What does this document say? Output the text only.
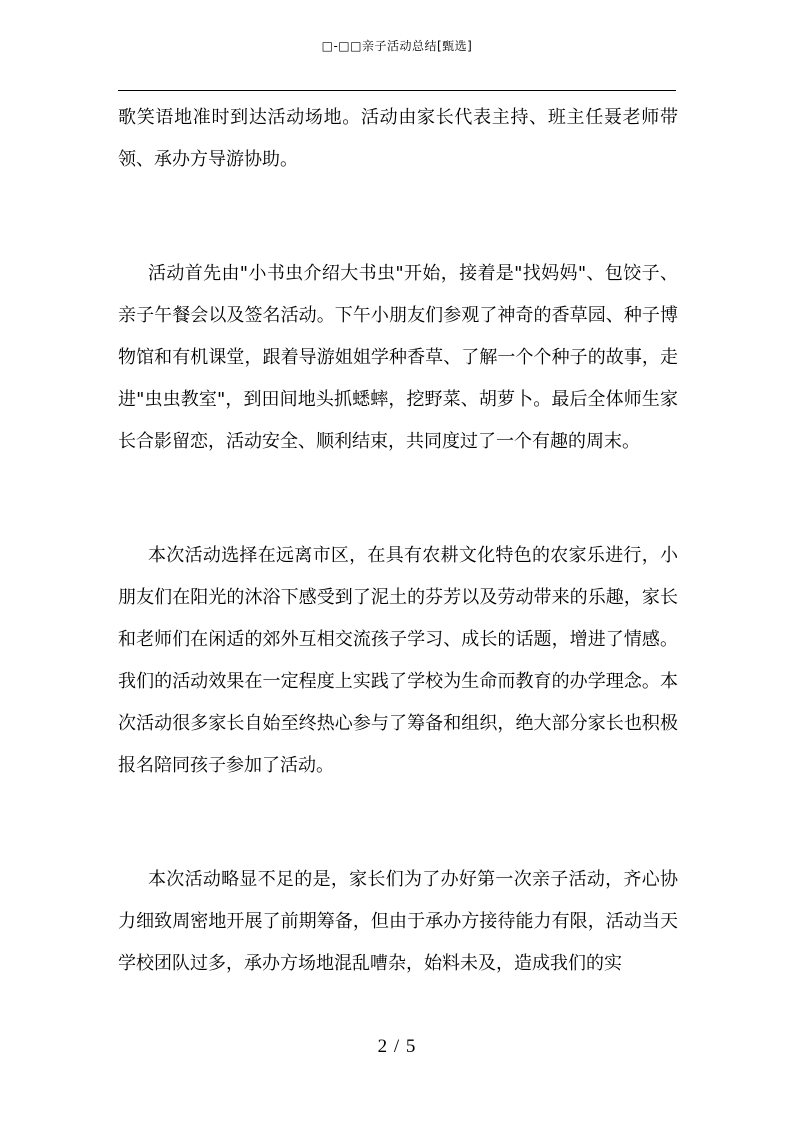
□-□□亲子活动总结[甄选]

歌笑语地准时到达活动场地。活动由家长代表主持、班主任聂老师带领、承办方导游协助。

活动首先由"小书虫介绍大书虫"开始，接着是"找妈妈"、包饺子、亲子午餐会以及签名活动。下午小朋友们参观了神奇的香草园、种子博物馆和有机课堂，跟着导游姐姐学种香草、了解一个个种子的故事，走进"虫虫教室"，到田间地头抓蟋蟀，挖野菜、胡萝卜。最后全体师生家长合影留恋，活动安全、顺利结束，共同度过了一个有趣的周末。

本次活动选择在远离市区，在具有农耕文化特色的农家乐进行，小朋友们在阳光的沐浴下感受到了泥土的芬芳以及劳动带来的乐趣，家长和老师们在闲适的郊外互相交流孩子学习、成长的话题，增进了情感。我们的活动效果在一定程度上实践了学校为生命而教育的办学理念。本次活动很多家长自始至终热心参与了筹备和组织，绝大部分家长也积极报名陪同孩子参加了活动。

本次活动略显不足的是，家长们为了办好第一次亲子活动，齐心协力细致周密地开展了前期筹备，但由于承办方接待能力有限，活动当天学校团队过多，承办方场地混乱嘈杂，始料未及，造成我们的实

2 / 5
